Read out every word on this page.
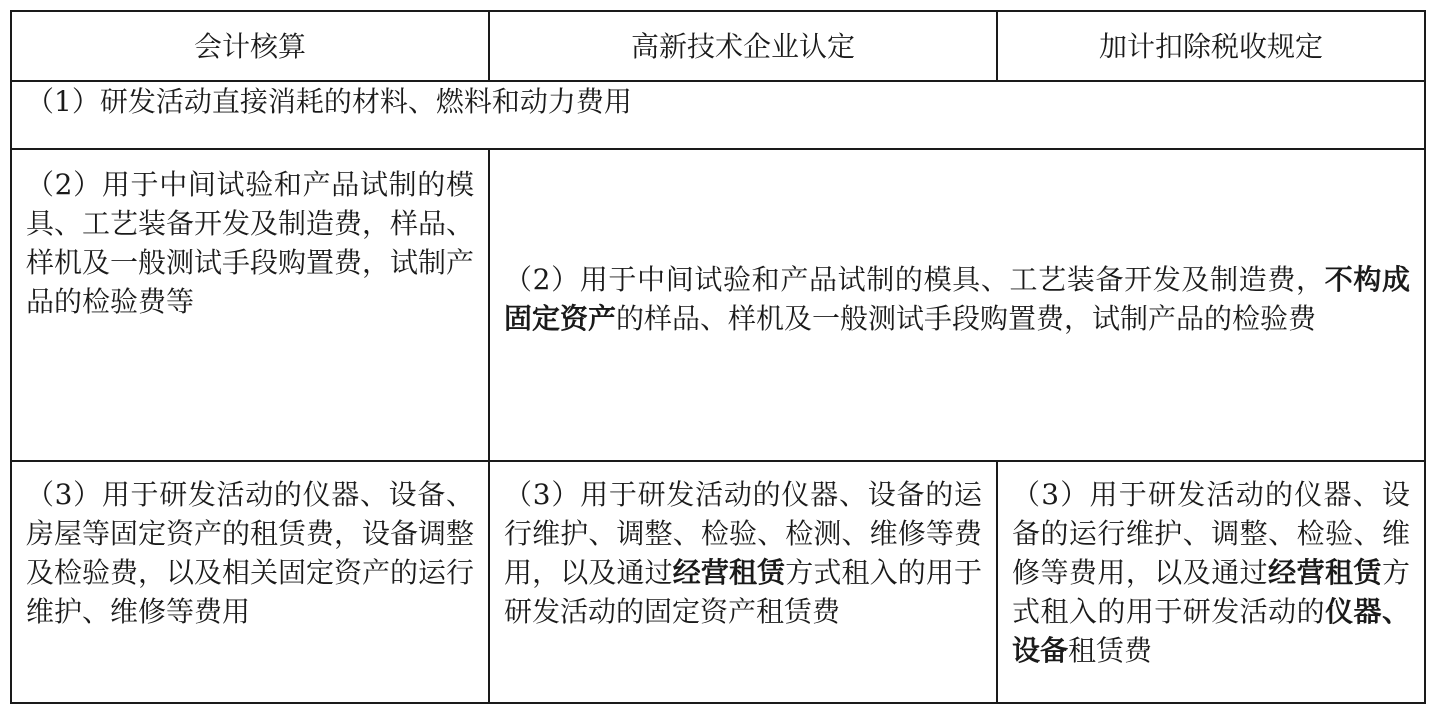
会计核算	高新技术企业认定	加计扣除税收规定

（1）研发活动直接消耗的材料、燃料和动力费用		

（2）用于中间试验和产品试制的模具、工艺装备开发及制造费，样品、样机及一般测试手段购置费，试制产品的检验费等	（2）用于中间试验和产品试制的模具、工艺装备开发及制造费，不构成固定资产的样品、样机及一般测试手段购置费，试制产品的检验费	

（3）用于研发活动的仪器、设备、房屋等固定资产的租赁费，设备调整及检验费，以及相关固定资产的运行维护、维修等费用	（3）用于研发活动的仪器、设备的运行维护、调整、检验、检测、维修等费用，以及通过经营租赁方式租入的用于研发活动的固定资产租赁费	（3）用于研发活动的仪器、设备的运行维护、调整、检验、维修等费用，以及通过经营租赁方式租入的用于研发活动的仪器、设备租赁费
